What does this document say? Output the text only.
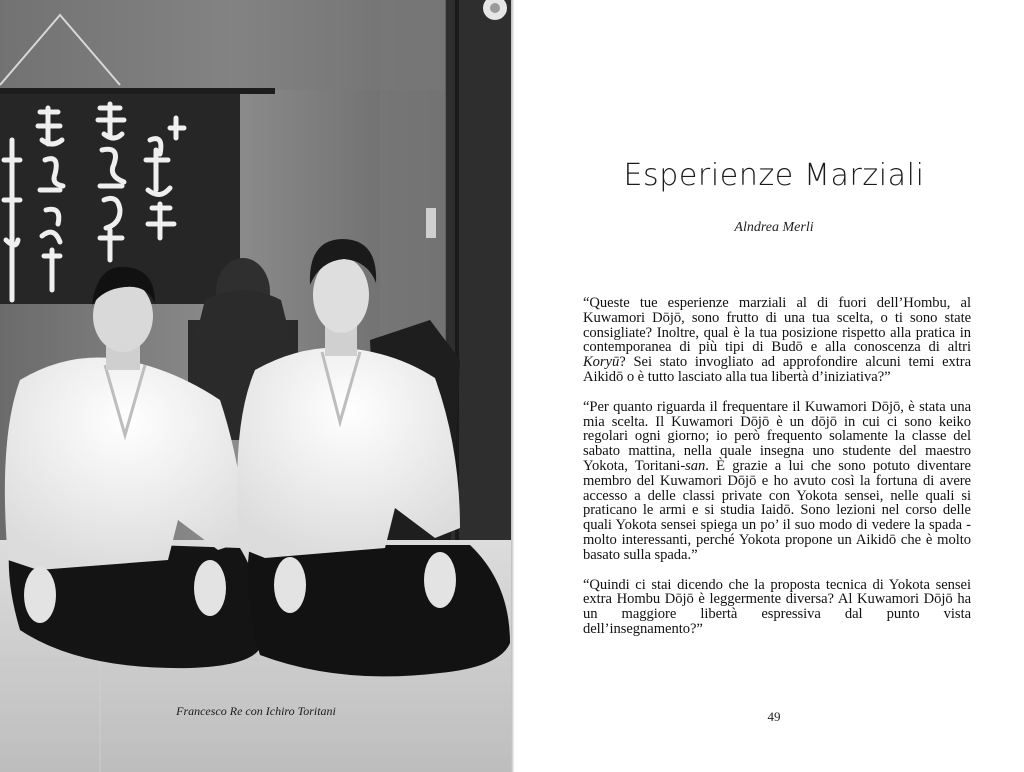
Francesco Re con Ichiro Toritani
Esperienze Marziali
Alndrea Merli

“Queste tue esperienze marziali al di fuori dell’Hombu, al Kuwamori Dōjō, sono frutto di una tua scelta, o ti sono state consigliate? Inoltre, qual è la tua posizione rispetto alla pratica in contemporanea di più tipi di Budō e alla conoscenza di altri Koryū? Sei stato invogliato ad approfondire alcuni temi extra Aikidō o è tutto lasciato alla tua libertà d’iniziativa?”

“Per quanto riguarda il frequentare il Kuwamori Dōjō, è stata una mia scelta. Il Kuwamori Dōjō è un dōjō in cui ci sono keiko regolari ogni giorno; io però frequento solamente la classe del sabato mattina, nella quale insegna uno studente del maestro Yokota, Toritani-san. È grazie a lui che sono potuto diventare membro del Kuwamori Dōjō e ho avuto così la fortuna di avere accesso a delle classi private con Yokota sensei, nelle quali si praticano le armi e si studia Iaidō. Sono lezioni nel corso delle quali Yokota sensei spiega un po’ il suo modo di vedere la spada - molto interessanti, perché Yokota propone un Aikidō che è molto basato sulla spada.”

“Quindi ci stai dicendo che la proposta tecnica di Yokota sensei extra Hombu Dōjō è leggermente diversa? Al Kuwamori Dōjō ha un maggiore libertà espressiva dal punto vista dell’insegnamento?”

49
